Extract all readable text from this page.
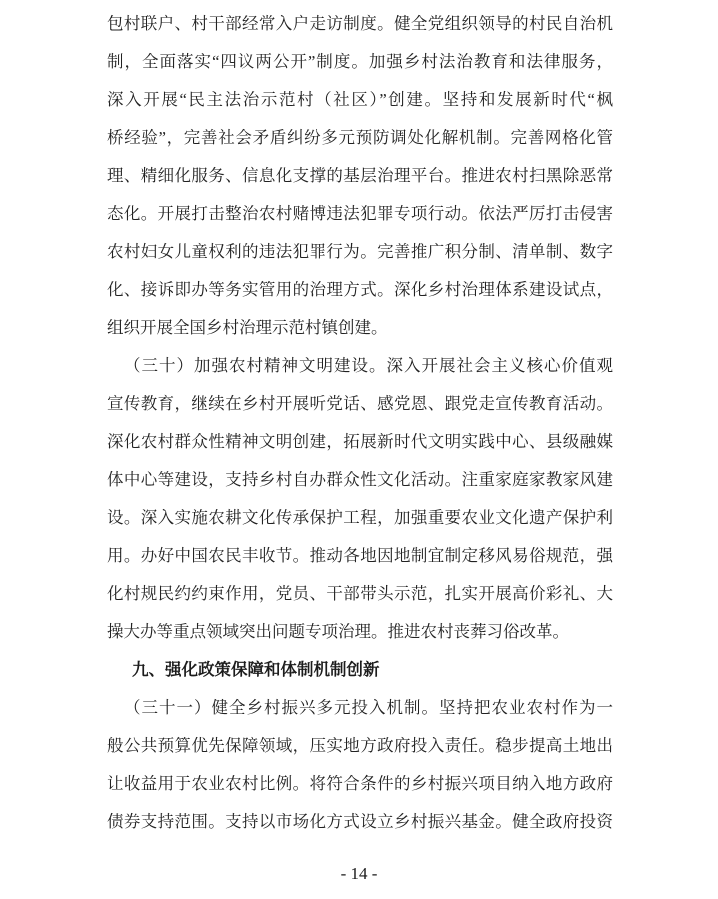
包村联户、村干部经常入户走访制度。健全党组织领导的村民自治机
制，全面落实“四议两公开”制度。加强乡村法治教育和法律服务，
深入开展“民主法治示范村（社区）”创建。坚持和发展新时代“枫
桥经验”，完善社会矛盾纠纷多元预防调处化解机制。完善网格化管
理、精细化服务、信息化支撑的基层治理平台。推进农村扫黑除恶常
态化。开展打击整治农村赌博违法犯罪专项行动。依法严厉打击侵害
农村妇女儿童权利的违法犯罪行为。完善推广积分制、清单制、数字
化、接诉即办等务实管用的治理方式。深化乡村治理体系建设试点，
组织开展全国乡村治理示范村镇创建。
（三十）加强农村精神文明建设。深入开展社会主义核心价值观
宣传教育，继续在乡村开展听党话、感党恩、跟党走宣传教育活动。
深化农村群众性精神文明创建，拓展新时代文明实践中心、县级融媒
体中心等建设，支持乡村自办群众性文化活动。注重家庭家教家风建
设。深入实施农耕文化传承保护工程，加强重要农业文化遗产保护利
用。办好中国农民丰收节。推动各地因地制宜制定移风易俗规范，强
化村规民约约束作用，党员、干部带头示范，扎实开展高价彩礼、大
操大办等重点领域突出问题专项治理。推进农村丧葬习俗改革。
九、强化政策保障和体制机制创新
（三十一）健全乡村振兴多元投入机制。坚持把农业农村作为一
般公共预算优先保障领域，压实地方政府投入责任。稳步提高土地出
让收益用于农业农村比例。将符合条件的乡村振兴项目纳入地方政府
债券支持范围。支持以市场化方式设立乡村振兴基金。健全政府投资
- 14 -
